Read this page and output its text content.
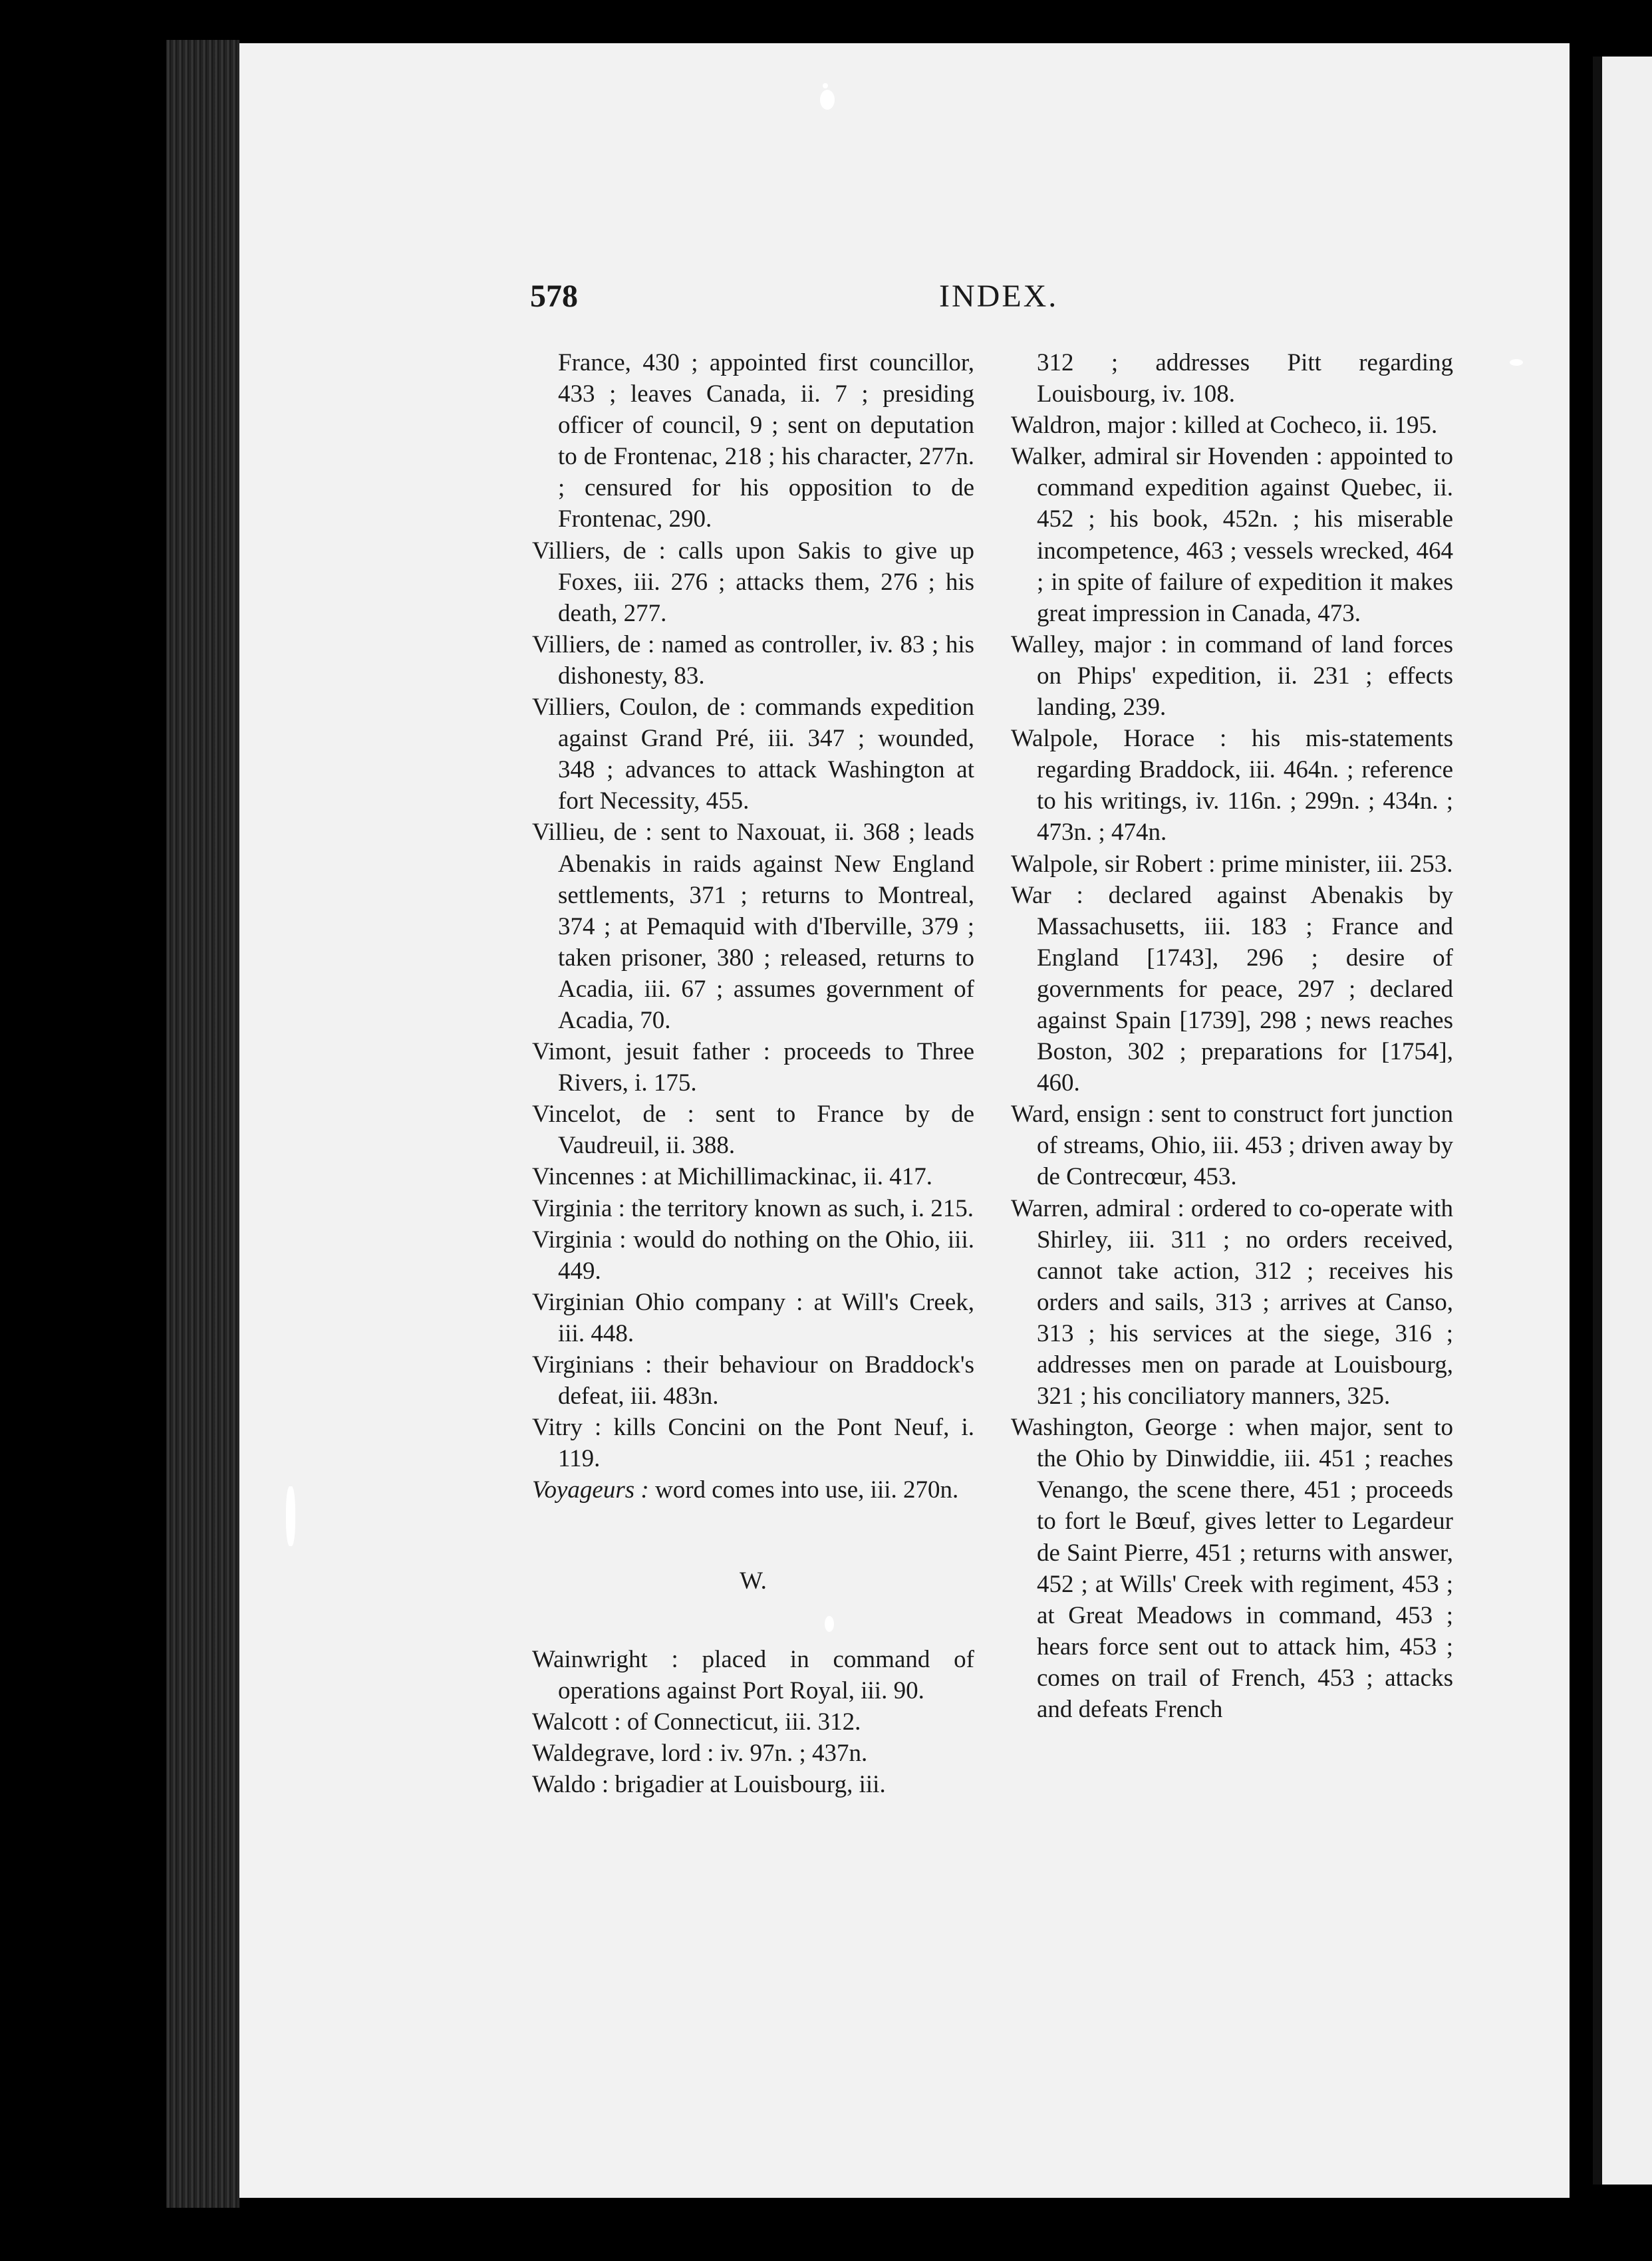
578	INDEX.

France, 430 ; appointed first councillor, 433 ; leaves Canada, ii. 7 ; presiding officer of council, 9 ; sent on deputation to de Frontenac, 218 ; his character, 277n. ; censured for his opposition to de Frontenac, 290.

Villiers, de : calls upon Sakis to give up Foxes, iii. 276 ; attacks them, 276 ; his death, 277.

Villiers, de : named as controller, iv. 83 ; his dishonesty, 83.

Villiers, Coulon, de : commands expedition against Grand Pré, iii. 347 ; wounded, 348 ; advances to attack Washington at fort Necessity, 455.

Villieu, de : sent to Naxouat, ii. 368 ; leads Abenakis in raids against New England settlements, 371 ; returns to Montreal, 374 ; at Pemaquid with d'Iberville, 379 ; taken prisoner, 380 ; released, returns to Acadia, iii. 67 ; assumes government of Acadia, 70.

Vimont, jesuit father : proceeds to Three Rivers, i. 175.

Vincelot, de : sent to France by de Vaudreuil, ii. 388.

Vincennes : at Michillimackinac, ii. 417.

Virginia : the territory known as such, i. 215.

Virginia : would do nothing on the Ohio, iii. 449.

Virginian Ohio company : at Will's Creek, iii. 448.

Virginians : their behaviour on Braddock's defeat, iii. 483n.

Vitry : kills Concini on the Pont Neuf, i. 119.

Voyageurs : word comes into use, iii. 270n.

W.

Wainwright : placed in command of operations against Port Royal, iii. 90.

Walcott : of Connecticut, iii. 312.

Waldegrave, lord : iv. 97n. ; 437n.

Waldo : brigadier at Louisbourg, iii.

312 ; addresses Pitt regarding Louisbourg, iv. 108.

Waldron, major : killed at Cocheco, ii. 195.

Walker, admiral sir Hovenden : appointed to command expedition against Quebec, ii. 452 ; his book, 452n. ; his miserable incompetence, 463 ; vessels wrecked, 464 ; in spite of failure of expedition it makes great impression in Canada, 473.

Walley, major : in command of land forces on Phips' expedition, ii. 231 ; effects landing, 239.

Walpole, Horace : his mis-statements regarding Braddock, iii. 464n. ; reference to his writings, iv. 116n. ; 299n. ; 434n. ; 473n. ; 474n.

Walpole, sir Robert : prime minister, iii. 253.

War : declared against Abenakis by Massachusetts, iii. 183 ; France and England [1743], 296 ; desire of governments for peace, 297 ; declared against Spain [1739], 298 ; news reaches Boston, 302 ; preparations for [1754], 460.

Ward, ensign : sent to construct fort junction of streams, Ohio, iii. 453 ; driven away by de Contrecœur, 453.

Warren, admiral : ordered to co-operate with Shirley, iii. 311 ; no orders received, cannot take action, 312 ; receives his orders and sails, 313 ; arrives at Canso, 313 ; his services at the siege, 316 ; addresses men on parade at Louisbourg, 321 ; his conciliatory manners, 325.

Washington, George : when major, sent to the Ohio by Dinwiddie, iii. 451 ; reaches Venango, the scene there, 451 ; proceeds to fort le Bœuf, gives letter to Legardeur de Saint Pierre, 451 ; returns with answer, 452 ; at Wills' Creek with regiment, 453 ; at Great Meadows in command, 453 ; hears force sent out to attack him, 453 ; comes on trail of French, 453 ; attacks and defeats French
